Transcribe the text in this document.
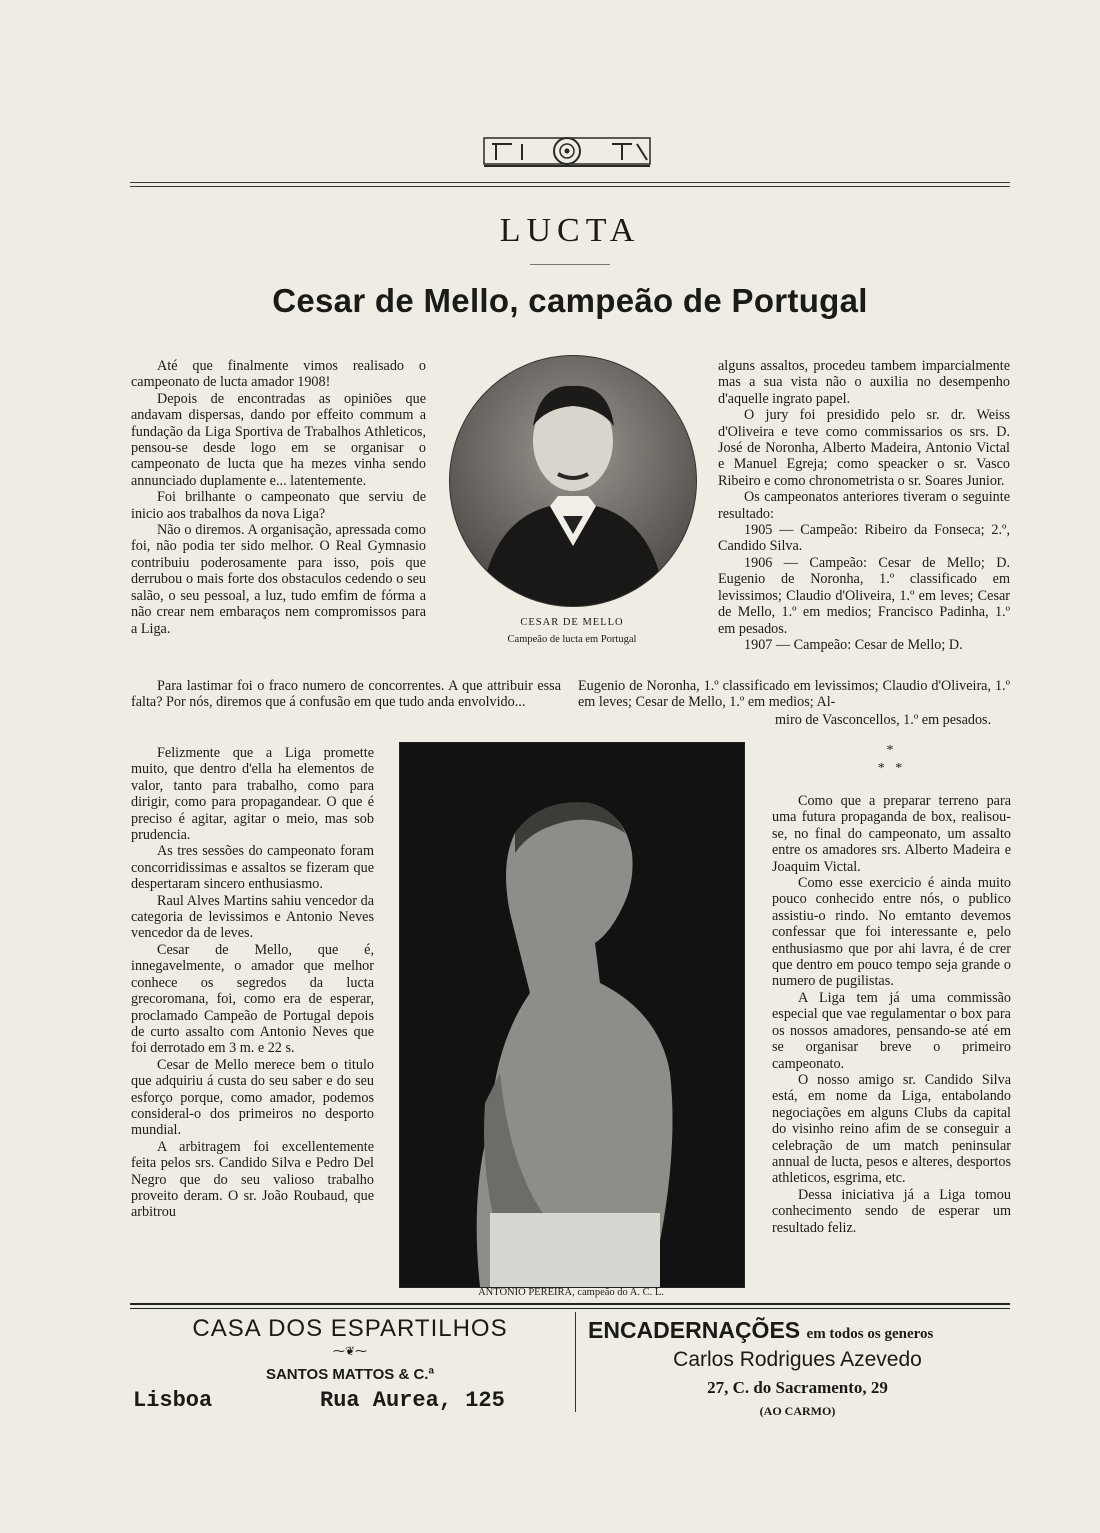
LUCTA
Cesar de Mello, campeão de Portugal

Até que finalmente vimos realisado o campeonato de lucta amador 1908!

Depois de encontradas as opiniões que andavam dispersas, dando por effeito commum a fundação da Liga Sportiva de Trabalhos Athleticos, pensou-se desde logo em se organisar o campeonato de lucta que ha mezes vinha sendo annunciado duplamente e... latentemente.

Foi brilhante o campeonato que serviu de inicio aos trabalhos da nova Liga?

Não o diremos. A organisação, apressada como foi, não podia ter sido melhor. O Real Gymnasio contribuiu poderosamente para isso, pois que derrubou o mais forte dos obstaculos cedendo o seu salão, o seu pessoal, a luz, tudo emfim de fórma a não crear nem embaraços nem compromissos para a Liga.	CESAR DE MELLO
Campeão de lucta em Portugal

alguns assaltos, procedeu tambem imparcialmente mas a sua vista não o auxilia no desempenho d'aquelle ingrato papel.

O jury foi presidido pelo sr. dr. Weiss d'Oliveira e teve como commissarios os srs. D. José de Noronha, Alberto Madeira, Antonio Victal e Manuel Egreja; como speacker o sr. Vasco Ribeiro e como chronometrista o sr. Soares Junior.

Os campeonatos anteriores tiveram o seguinte resultado:

1905 — Campeão: Ribeiro da Fonseca; 2.º, Candido Silva.

1906 — Campeão: Cesar de Mello; D. Eugenio de Noronha, 1.º classificado em levissimos; Claudio d'Oliveira, 1.º em leves; Cesar de Mello, 1.º em medios; Francisco Padinha, 1.º em pesados.

1907 — Campeão: Cesar de Mello; D.

Para lastimar foi o fraco numero de concorrentes. A que attribuir essa falta? Por nós, diremos que á confusão em que tudo anda envolvido...

Eugenio de Noronha, 1.º classificado em levissimos; Claudio d'Oliveira, 1.º em leves; Cesar de Mello, 1.º em medios; Al-

miro de Vasconcellos, 1.º em pesados.

Felizmente que a Liga promette muito, que dentro d'ella ha elementos de valor, tanto para trabalho, como para dirigir, como para propagandear. O que é preciso é agitar, agitar o meio, mas sob prudencia.

As tres sessões do campeonato foram concorridissimas e assaltos se fizeram que despertaram sincero enthusiasmo.

Raul Alves Martins sahiu vencedor da categoria de levissimos e Antonio Neves vencedor da de leves.

Cesar de Mello, que é, innegavelmente, o amador que melhor conhece os segredos da lucta grecoromana, foi, como era de esperar, proclamado Campeão de Portugal depois de curto assalto com Antonio Neves que foi derrotado em 3 m. e 22 s.

Cesar de Mello merece bem o titulo que adquiriu á custa do seu saber e do seu esforço porque, como amador, podemos consideral-o dos primeiros no desporto mundial.

A arbitragem foi excellentemente feita pelos srs. Candido Silva e Pedro Del Negro que do seu valioso trabalho proveito deram. O sr. João Roubaud, que arbitrou

ANTONIO PEREIRA, campeão do A. C. L.
*
*   *

Como que a preparar terreno para uma futura propaganda de box, realisou-se, no final do campeonato, um assalto entre os amadores srs. Alberto Madeira e Joaquim Victal.

Como esse exercicio é ainda muito pouco conhecido entre nós, o publico assistiu-o rindo. No emtanto devemos confessar que foi interessante e, pelo enthusiasmo que por ahi lavra, é de crer que dentro em pouco tempo seja grande o numero de pugilistas.

A Liga tem já uma commissão especial que vae regulamentar o box para os nossos amadores, pensando-se até em se organisar breve o primeiro campeonato.

O nosso amigo sr. Candido Silva está, em nome da Liga, entabolando negociações em alguns Clubs da capital do visinho reino afim de se conseguir a celebração de um match peninsular annual de lucta, pesos e alteres, desportos athleticos, esgrima, etc.

Dessa iniciativa já a Liga tomou conhecimento sendo de esperar um resultado feliz.

CASA DOS ESPARTILHOS
⁓❦⁓
SANTOS MATTOS & C.ª
Lisboa	Rua Aurea, 125
ENCADERNAÇÕES em todos os generos
Carlos Rodrigues Azevedo
27, C. do Sacramento, 29
(AO CARMO)
